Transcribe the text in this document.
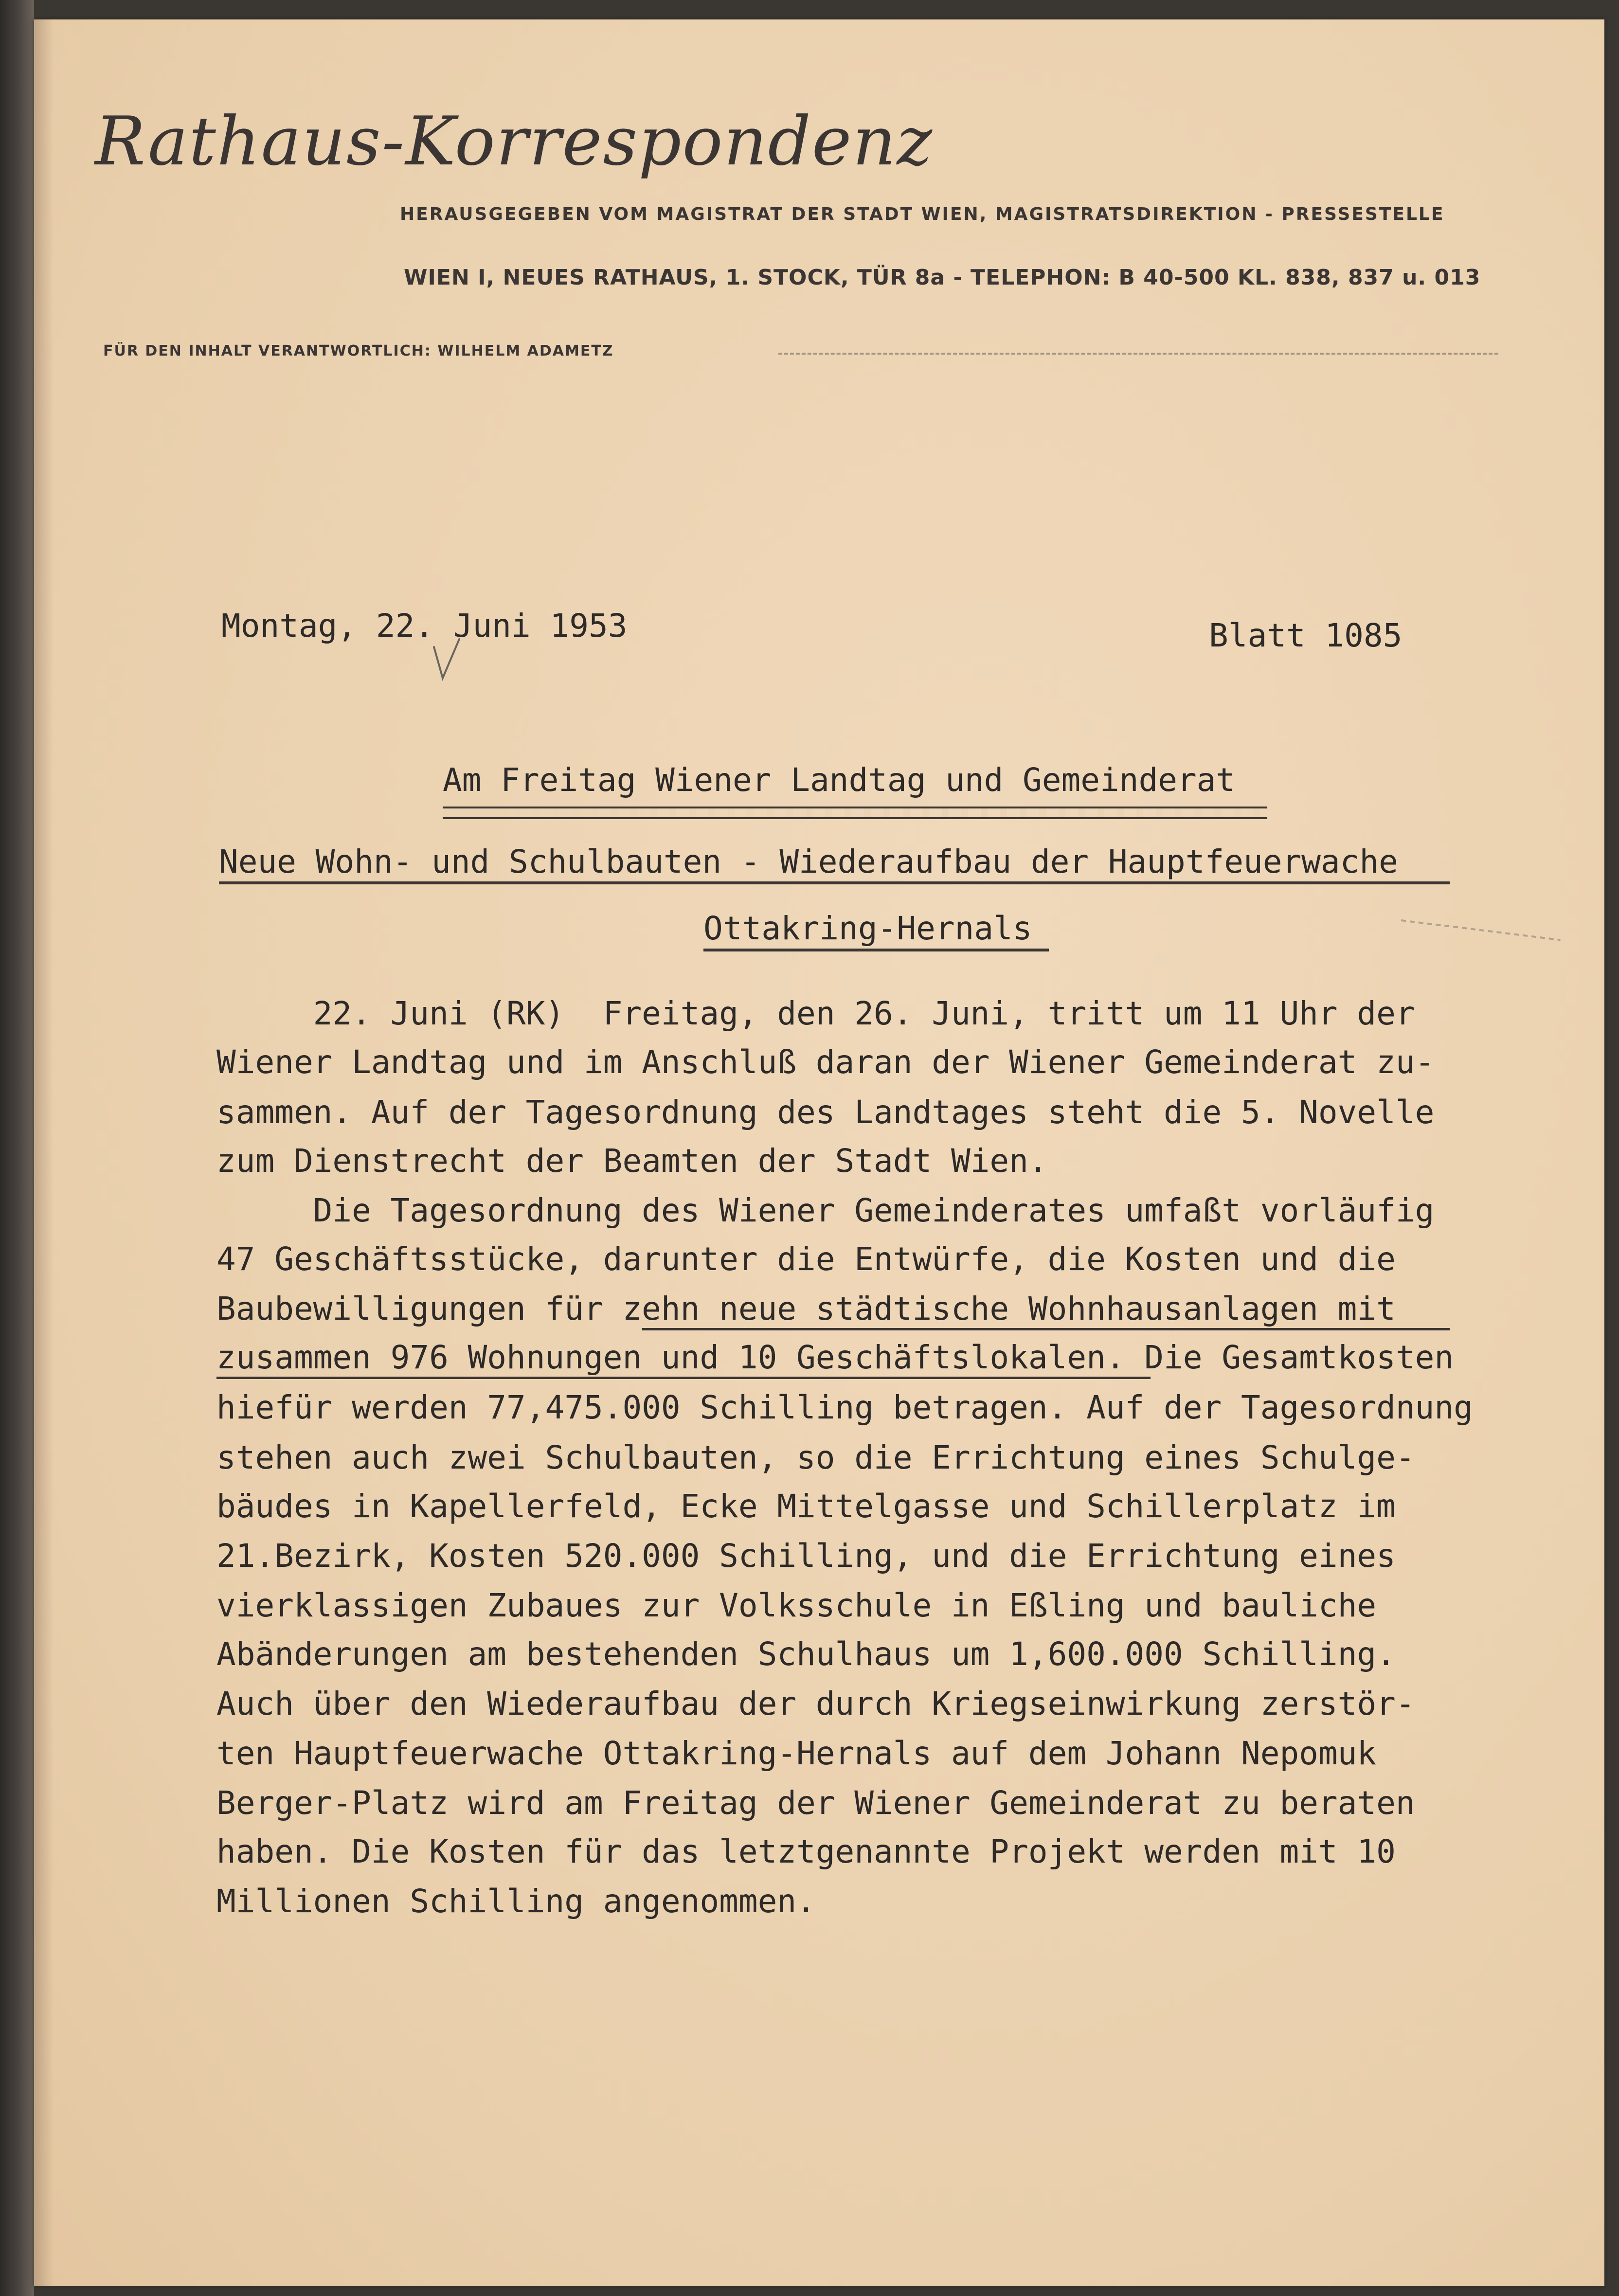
Rathaus-Korrespondenz
HERAUSGEGEBEN VOM MAGISTRAT DER STADT WIEN, MAGISTRATSDIREKTION - PRESSESTELLE
WIEN I, NEUES RATHAUS, 1. STOCK, TÜR 8a - TELEPHON: B 40-500 KL. 838, 837 u. 013
FÜR DEN INHALT VERANTWORTLICH: WILHELM ADAMETZ
Montag, 22. Juni 1953	Blatt 1085
Am Freitag Wiener Landtag und Gemeinderat
Neue Wohn- und Schulbauten - Wiederaufbau der Hauptfeuerwache
Ottakring-Hernals
22. Juni (RK)  Freitag, den 26. Juni, tritt um 11 Uhr der
Wiener Landtag und im Anschluß daran der Wiener Gemeinderat zu-
sammen. Auf der Tagesordnung des Landtages steht die 5. Novelle
zum Dienstrecht der Beamten der Stadt Wien.
Die Tagesordnung des Wiener Gemeinderates umfaßt vorläufig
47 Geschäftsstücke, darunter die Entwürfe, die Kosten und die
Baubewilligungen für zehn neue städtische Wohnhausanlagen mit
zusammen 976 Wohnungen und 10 Geschäftslokalen. Die Gesamtkosten
hiefür werden 77,475.000 Schilling betragen. Auf der Tagesordnung
stehen auch zwei Schulbauten, so die Errichtung eines Schulge-
bäudes in Kapellerfeld, Ecke Mittelgasse und Schillerplatz im
21.Bezirk, Kosten 520.000 Schilling, und die Errichtung eines
vierklassigen Zubaues zur Volksschule in Eßling und bauliche
Abänderungen am bestehenden Schulhaus um 1,600.000 Schilling.
Auch über den Wiederaufbau der durch Kriegseinwirkung zerstör-
ten Hauptfeuerwache Ottakring-Hernals auf dem Johann Nepomuk
Berger-Platz wird am Freitag der Wiener Gemeinderat zu beraten
haben. Die Kosten für das letztgenannte Projekt werden mit 10
Millionen Schilling angenommen.
